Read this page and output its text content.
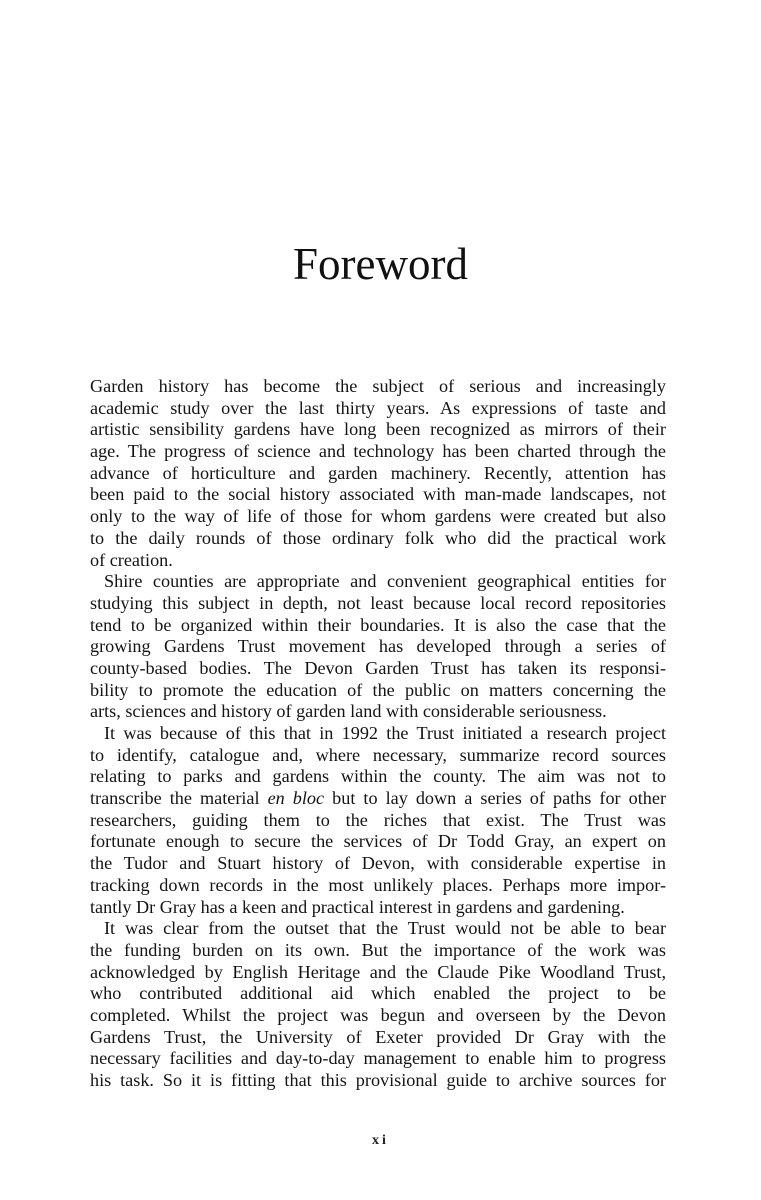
Foreword
Garden history has become the subject of serious and increasingly
academic study over the last thirty years. As expressions of taste and
artistic sensibility gardens have long been recognized as mirrors of their
age. The progress of science and technology has been charted through the
advance of horticulture and garden machinery. Recently, attention has
been paid to the social history associated with man-made landscapes, not
only to the way of life of those for whom gardens were created but also
to the daily rounds of those ordinary folk who did the practical work
of creation.
Shire counties are appropriate and convenient geographical entities for
studying this subject in depth, not least because local record repositories
tend to be organized within their boundaries. It is also the case that the
growing Gardens Trust movement has developed through a series of
county-based bodies. The Devon Garden Trust has taken its responsi-
bility to promote the education of the public on matters concerning the
arts, sciences and history of garden land with considerable seriousness.
It was because of this that in 1992 the Trust initiated a research project
to identify, catalogue and, where necessary, summarize record sources
relating to parks and gardens within the county. The aim was not to
transcribe the material en bloc but to lay down a series of paths for other
researchers, guiding them to the riches that exist. The Trust was
fortunate enough to secure the services of Dr Todd Gray, an expert on
the Tudor and Stuart history of Devon, with considerable expertise in
tracking down records in the most unlikely places. Perhaps more impor-
tantly Dr Gray has a keen and practical interest in gardens and gardening.
It was clear from the outset that the Trust would not be able to bear
the funding burden on its own. But the importance of the work was
acknowledged by English Heritage and the Claude Pike Woodland Trust,
who contributed additional aid which enabled the project to be
completed. Whilst the project was begun and overseen by the Devon
Gardens Trust, the University of Exeter provided Dr Gray with the
necessary facilities and day-to-day management to enable him to progress
his task. So it is fitting that this provisional guide to archive sources for
xi
